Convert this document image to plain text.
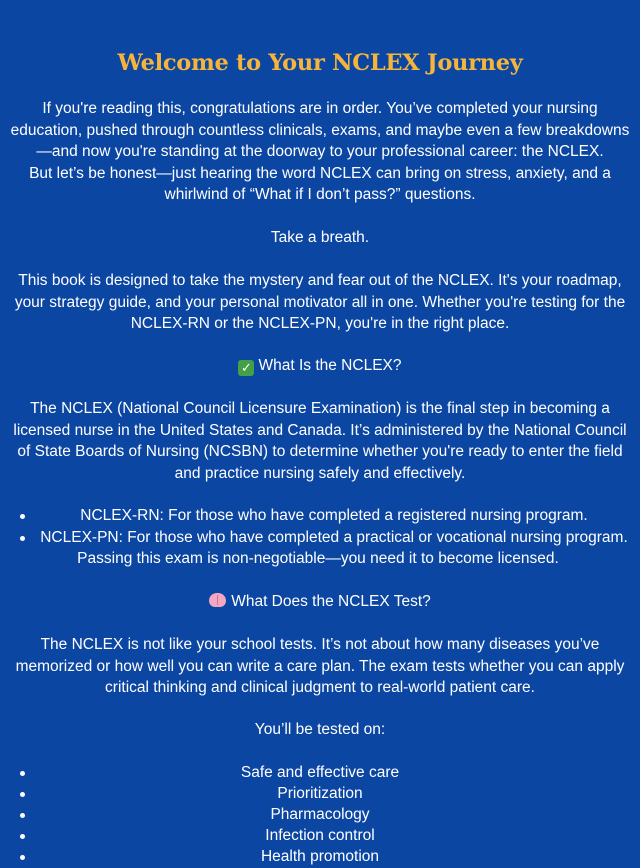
Welcome to Your NCLEX Journey
If you're reading this, congratulations are in order. You’ve completed your nursing
education, pushed through countless clinicals, exams, and maybe even a few breakdowns
—and now you're standing at the doorway to your professional career: the NCLEX.
But let’s be honest—just hearing the word NCLEX can bring on stress, anxiety, and a
whirlwind of “What if I don’t pass?” questions.
Take a breath.
This book is designed to take the mystery and fear out of the NCLEX. It's your roadmap,
your strategy guide, and your personal motivator all in one. Whether you're testing for the
NCLEX-RN or the NCLEX-PN, you're in the right place.
✓ What Is the NCLEX?
The NCLEX (National Council Licensure Examination) is the final step in becoming a
licensed nurse in the United States and Canada. It’s administered by the National Council
of State Boards of Nursing (NCSBN) to determine whether you're ready to enter the field
and practice nursing safely and effectively.
NCLEX-RN: For those who have completed a registered nursing program.
NCLEX-PN: For those who have completed a practical or vocational nursing program.
Passing this exam is non-negotiable—you need it to become licensed.
What Does the NCLEX Test?
The NCLEX is not like your school tests. It’s not about how many diseases you’ve
memorized or how well you can write a care plan. The exam tests whether you can apply
critical thinking and clinical judgment to real-world patient care.
You’ll be tested on:
Safe and effective care
Prioritization
Pharmacology
Infection control
Health promotion
